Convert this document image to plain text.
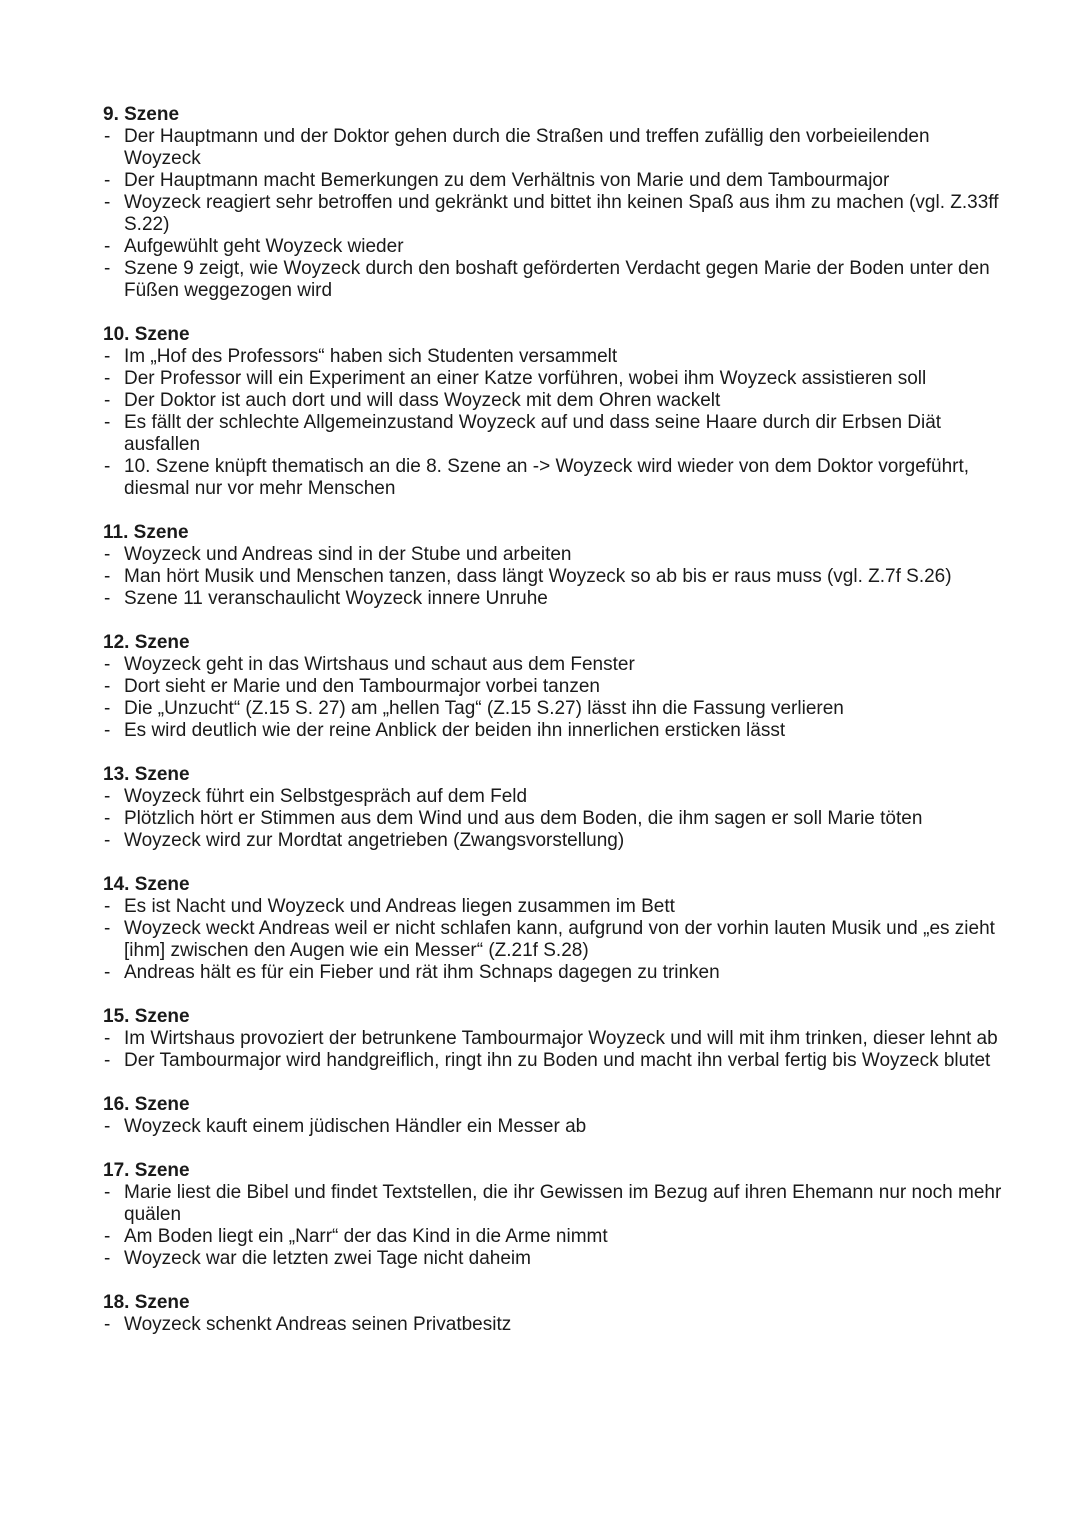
9. Szene
- Der Hauptmann und der Doktor gehen durch die Straßen und treffen zufällig den vorbeieilenden Woyzeck
- Der Hauptmann macht Bemerkungen zu dem Verhältnis von Marie und dem Tambourmajor
- Woyzeck reagiert sehr betroffen und gekränkt und bittet ihn keinen Spaß aus ihm zu machen (vgl. Z.33ff S.22)
- Aufgewühlt geht Woyzeck wieder
- Szene 9 zeigt, wie Woyzeck durch den boshaft geförderten Verdacht gegen Marie der Boden unter den Füßen weggezogen wird
10. Szene
- Im „Hof des Professors“ haben sich Studenten versammelt
- Der Professor will ein Experiment an einer Katze vorführen, wobei ihm Woyzeck assistieren soll
- Der Doktor ist auch dort und will dass Woyzeck mit dem Ohren wackelt
- Es fällt der schlechte Allgemeinzustand Woyzeck auf und dass seine Haare durch dir Erbsen Diät ausfallen
- 10. Szene knüpft thematisch an die 8. Szene an -> Woyzeck wird wieder von dem Doktor vorgeführt, diesmal nur vor mehr Menschen
11. Szene
- Woyzeck und Andreas sind in der Stube und arbeiten
- Man hört Musik und Menschen tanzen, dass längt Woyzeck so ab bis er raus muss (vgl. Z.7f S.26)
- Szene 11 veranschaulicht Woyzeck innere Unruhe
12. Szene
- Woyzeck geht in das Wirtshaus und schaut aus dem Fenster
- Dort sieht er Marie und den Tambourmajor vorbei tanzen
- Die „Unzucht“ (Z.15 S. 27) am „hellen Tag“ (Z.15 S.27) lässt ihn die Fassung verlieren
- Es wird deutlich wie der reine Anblick der beiden ihn innerlichen ersticken lässt
13. Szene
- Woyzeck führt ein Selbstgespräch auf dem Feld
- Plötzlich hört er Stimmen aus dem Wind und aus dem Boden, die ihm sagen er soll Marie töten
- Woyzeck wird zur Mordtat angetrieben (Zwangsvorstellung)
14. Szene
- Es ist Nacht und Woyzeck und Andreas liegen zusammen im Bett
- Woyzeck weckt Andreas weil er nicht schlafen kann, aufgrund von der vorhin lauten Musik und „es zieht [ihm] zwischen den Augen wie ein Messer“ (Z.21f S.28)
- Andreas hält es für ein Fieber und rät ihm Schnaps dagegen zu trinken
15. Szene
- Im Wirtshaus provoziert der betrunkene Tambourmajor Woyzeck und will mit ihm trinken, dieser lehnt ab
- Der Tambourmajor wird handgreiflich, ringt ihn zu Boden und macht ihn verbal fertig bis Woyzeck blutet
16. Szene
- Woyzeck kauft einem jüdischen Händler ein Messer ab
17. Szene
- Marie liest die Bibel und findet Textstellen, die ihr Gewissen im Bezug auf ihren Ehemann nur noch mehr quälen
- Am Boden liegt ein „Narr“ der das Kind in die Arme nimmt
- Woyzeck war die letzten zwei Tage nicht daheim
18. Szene
- Woyzeck schenkt Andreas seinen Privatbesitz
